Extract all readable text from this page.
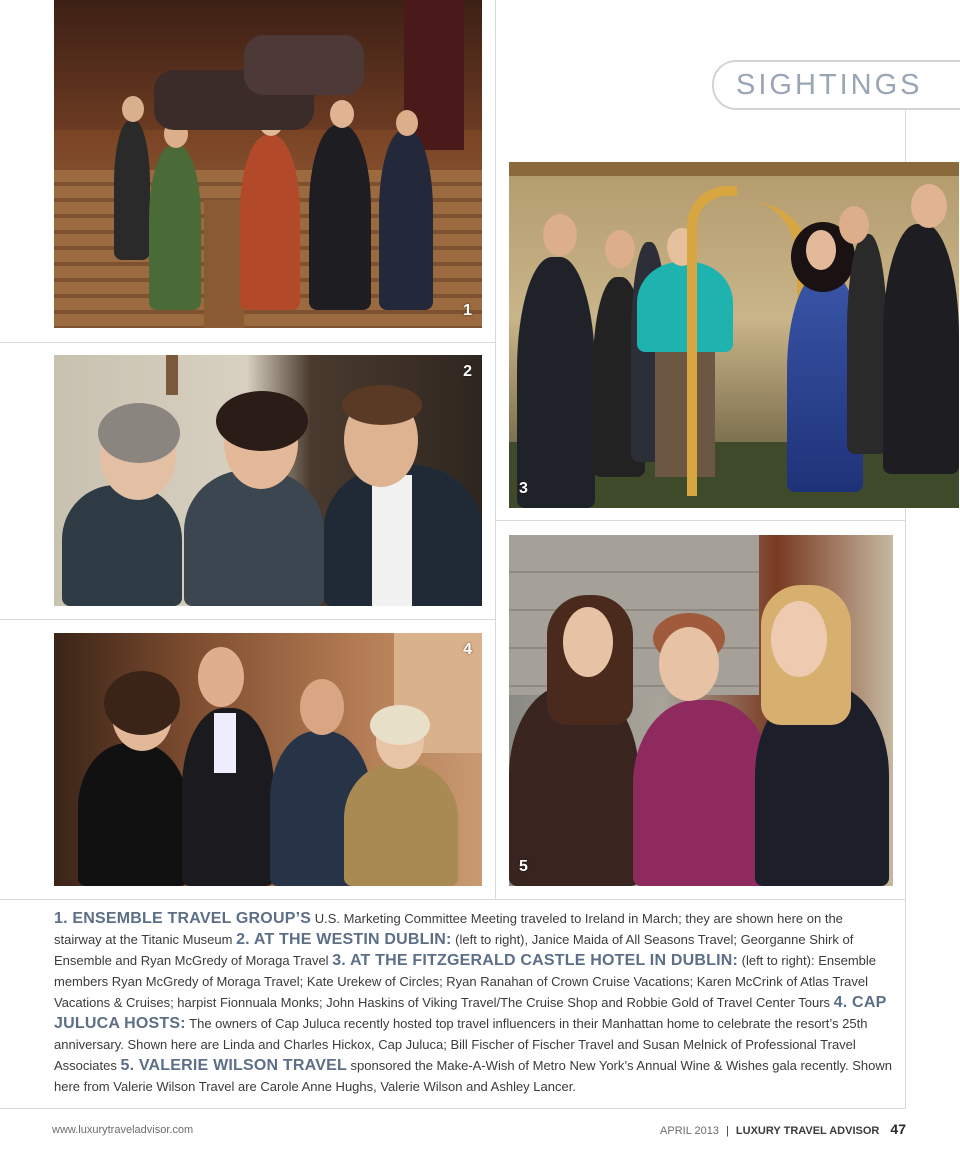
SIGHTINGS
1
2
3
4
5
1. ENSEMBLE TRAVEL GROUP’S U.S. Marketing Committee Meeting traveled to Ireland in March; they are shown here on the stairway at the Titanic Museum 2. AT THE WESTIN DUBLIN: (left to right), Janice Maida of All Seasons Travel; Georganne Shirk of Ensemble and Ryan McGredy of Moraga Travel 3. AT THE FITZGERALD CASTLE HOTEL IN DUBLIN: (left to right): Ensemble members Ryan McGredy of Moraga Travel; Kate Urekew of Circles; Ryan Ranahan of Crown Cruise Vacations; Karen McCrink of Atlas Travel Vacations & Cruises; harpist Fionnuala Monks; John Haskins of Viking Travel/The Cruise Shop and Robbie Gold of Travel Center Tours 4. CAP JULUCA HOSTS: The owners of Cap Juluca recently hosted top travel influencers in their Manhattan home to celebrate the resort’s 25th anniversary. Shown here are Linda and Charles Hickox, Cap Juluca; Bill Fischer of Fischer Travel and Susan Melnick of Professional Travel Associates 5. VALERIE WILSON TRAVEL sponsored the Make-A-Wish of Metro New York’s Annual Wine & Wishes gala recently. Shown here from Valerie Wilson Travel are Carole Anne Hughs, Valerie Wilson and Ashley Lancer.
www.luxurytraveladvisor.com	APRIL 2013 | LUXURY TRAVEL ADVISOR 47
